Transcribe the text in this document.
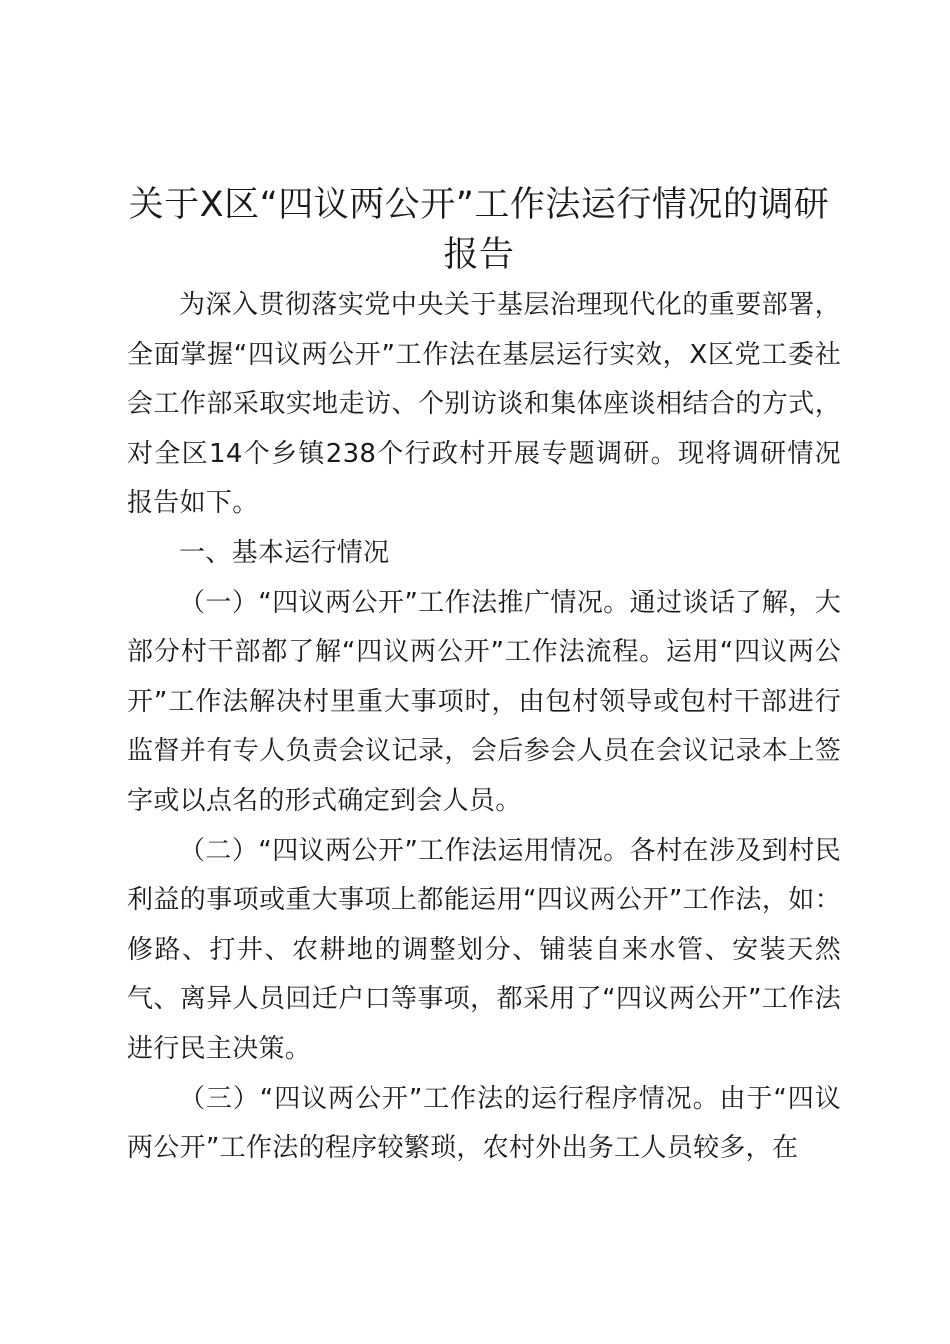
关于X区“四议两公开”工作法运行情况的调研报告

为深入贯彻落实党中央关于基层治理现代化的重要部署，全面掌握“四议两公开”工作法在基层运行实效，X区党工委社会工作部采取实地走访、个别访谈和集体座谈相结合的方式，对全区14个乡镇238个行政村开展专题调研。现将调研情况报告如下。

一、基本运行情况

（一）“四议两公开”工作法推广情况。通过谈话了解，大部分村干部都了解“四议两公开”工作法流程。运用“四议两公开”工作法解决村里重大事项时，由包村领导或包村干部进行监督并有专人负责会议记录，会后参会人员在会议记录本上签字或以点名的形式确定到会人员。

（二）“四议两公开”工作法运用情况。各村在涉及到村民利益的事项或重大事项上都能运用“四议两公开”工作法，如：修路、打井、农耕地的调整划分、铺装自来水管、安装天然气、离异人员回迁户口等事项，都采用了“四议两公开”工作法进行民主决策。

（三）“四议两公开”工作法的运行程序情况。由于“四议两公开”工作法的程序较繁琐，农村外出务工人员较多，在
